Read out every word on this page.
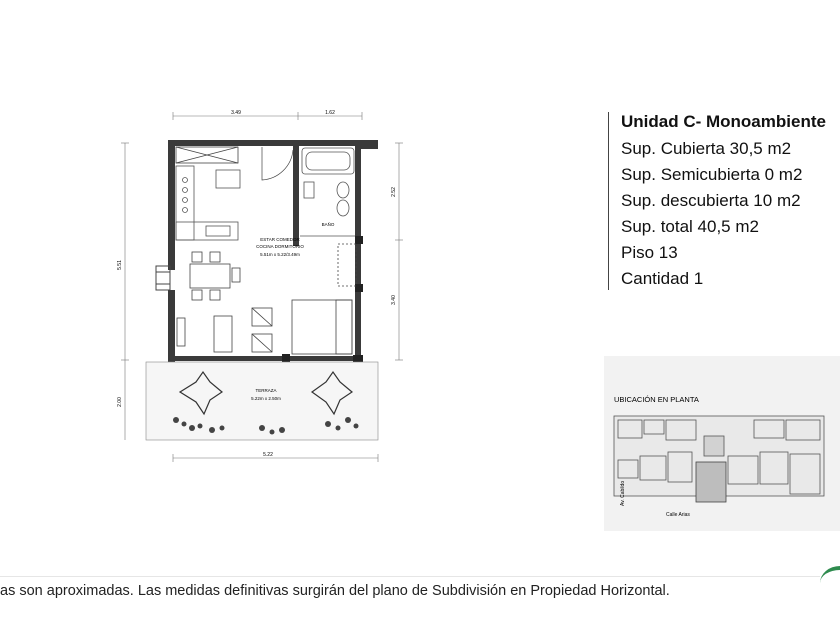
3.49	1.62
5.22
5.51
2.00
2.52
3.40
BAÑO
ESTAR COMEDOR
COCINA DORMITORIO
5.51m x 5.22/3.49m
TERRAZA
5.22m x 2.50m
Unidad C- Monoambiente
Sup. Cubierta 30,5 m2
Sup. Semicubierta 0 m2
Sup. descubierta 10 m2
Sup. total 40,5 m2
Piso 13
Cantidad 1
UBICACIÓN EN PLANTA
Calle Arias
Av. Cabildo
as son aproximadas. Las medidas definitivas surgirán del plano de Subdivisión en Propiedad Horizontal.
